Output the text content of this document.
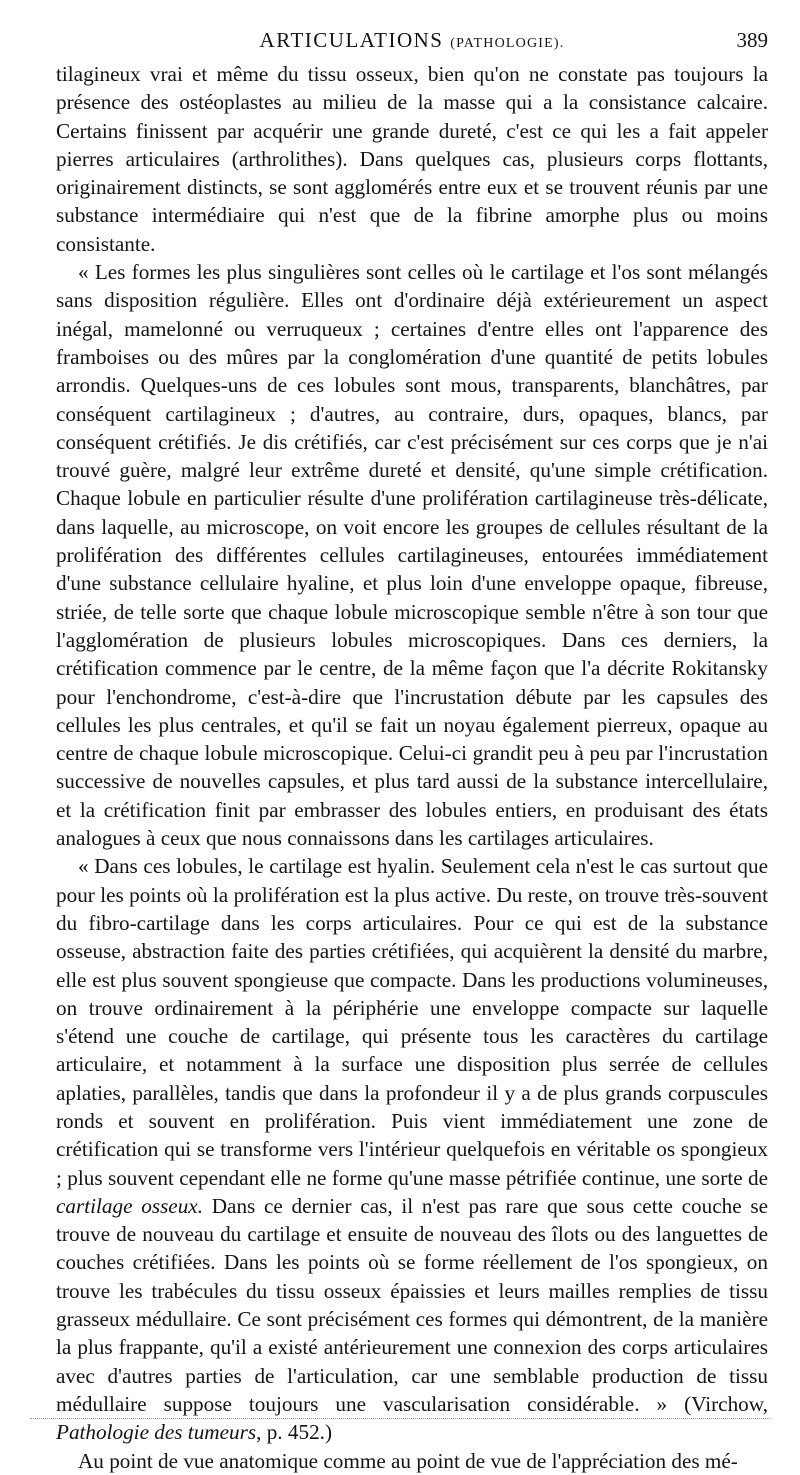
ARTICULATIONS (PATHOLOGIE).	389

tilagineux vrai et même du tissu osseux, bien qu'on ne constate pas toujours la présence des ostéoplastes au milieu de la masse qui a la consistance calcaire. Certains finissent par acquérir une grande dureté, c'est ce qui les a fait appeler pierres articulaires (arthrolithes). Dans quelques cas, plusieurs corps flottants, originairement distincts, se sont agglomérés entre eux et se trouvent réunis par une substance intermédiaire qui n'est que de la fibrine amorphe plus ou moins consistante.

« Les formes les plus singulières sont celles où le cartilage et l'os sont mélangés sans disposition régulière. Elles ont d'ordinaire déjà extérieurement un aspect inégal, mamelonné ou verruqueux ; certaines d'entre elles ont l'apparence des framboises ou des mûres par la conglomération d'une quantité de petits lobules arrondis. Quelques-uns de ces lobules sont mous, transparents, blanchâtres, par conséquent cartilagineux ; d'autres, au contraire, durs, opaques, blancs, par conséquent crétifiés. Je dis crétifiés, car c'est précisément sur ces corps que je n'ai trouvé guère, malgré leur extrême dureté et densité, qu'une simple crétification. Chaque lobule en particulier résulte d'une prolifération cartilagineuse très-délicate, dans laquelle, au microscope, on voit encore les groupes de cellules résultant de la prolifération des différentes cellules cartilagineuses, entourées immédiatement d'une substance cellulaire hyaline, et plus loin d'une enveloppe opaque, fibreuse, striée, de telle sorte que chaque lobule microscopique semble n'être à son tour que l'agglomération de plusieurs lobules microscopiques. Dans ces derniers, la crétification commence par le centre, de la même façon que l'a décrite Rokitansky pour l'enchondrome, c'est-à-dire que l'incrustation débute par les capsules des cellules les plus centrales, et qu'il se fait un noyau également pierreux, opaque au centre de chaque lobule microscopique. Celui-ci grandit peu à peu par l'incrustation successive de nouvelles capsules, et plus tard aussi de la substance intercellulaire, et la crétification finit par embrasser des lobules entiers, en produisant des états analogues à ceux que nous connaissons dans les cartilages articulaires.

« Dans ces lobules, le cartilage est hyalin. Seulement cela n'est le cas surtout que pour les points où la prolifération est la plus active. Du reste, on trouve très-souvent du fibro-cartilage dans les corps articulaires. Pour ce qui est de la substance osseuse, abstraction faite des parties crétifiées, qui acquièrent la densité du marbre, elle est plus souvent spongieuse que compacte. Dans les productions volumineuses, on trouve ordinairement à la périphérie une enveloppe compacte sur laquelle s'étend une couche de cartilage, qui présente tous les caractères du cartilage articulaire, et notamment à la surface une disposition plus serrée de cellules aplaties, parallèles, tandis que dans la profondeur il y a de plus grands corpuscules ronds et souvent en prolifération. Puis vient immédiatement une zone de crétification qui se transforme vers l'intérieur quelquefois en véritable os spongieux ; plus souvent cependant elle ne forme qu'une masse pétrifiée continue, une sorte de cartilage osseux. Dans ce dernier cas, il n'est pas rare que sous cette couche se trouve de nouveau du cartilage et ensuite de nouveau des îlots ou des languettes de couches crétifiées. Dans les points où se forme réellement de l'os spongieux, on trouve les trabécules du tissu osseux épaissies et leurs mailles remplies de tissu grasseux médullaire. Ce sont précisément ces formes qui démontrent, de la manière la plus frappante, qu'il a existé antérieurement une connexion des corps articulaires avec d'autres parties de l'articulation, car une semblable production de tissu médullaire suppose toujours une vascularisation considérable. » (Virchow, Pathologie des tumeurs, p. 452.)

Au point de vue anatomique comme au point de vue de l'appréciation des mé-
